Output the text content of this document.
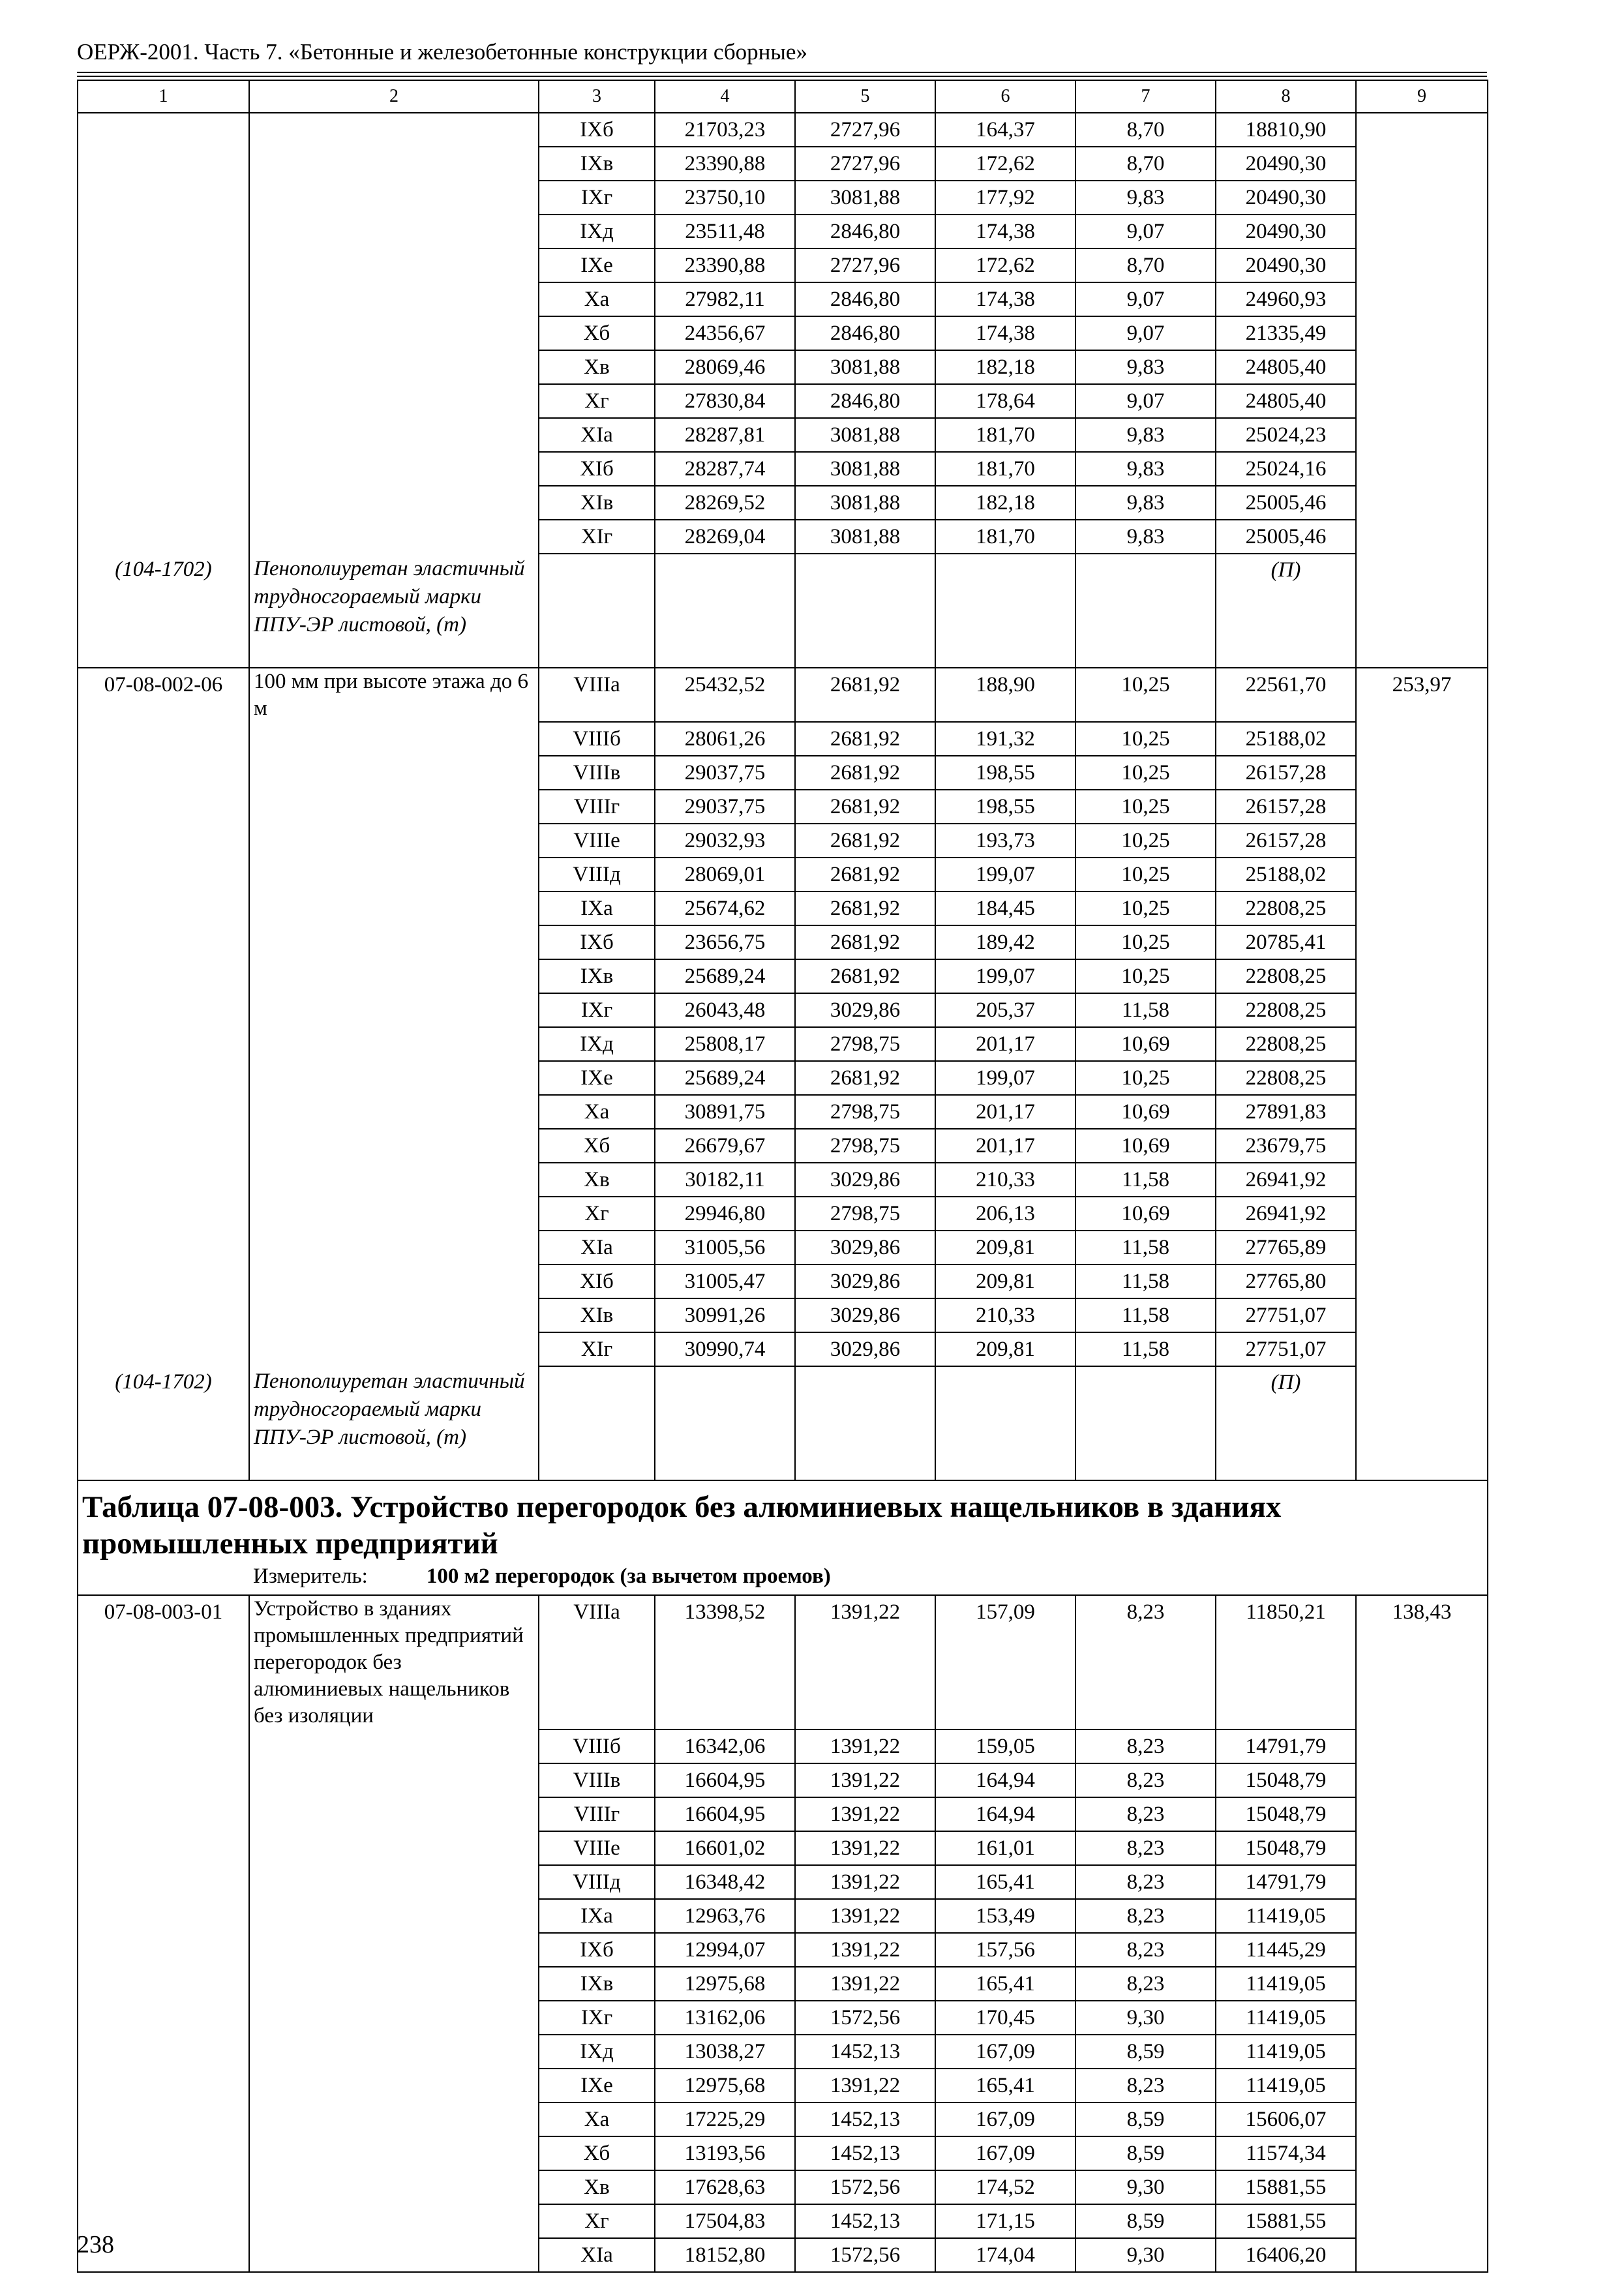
ОЕРЖ-2001. Часть 7. «Бетонные и железобетонные конструкции сборные»
1	2	3	4	5	6	7	8	9
		IXб	21703,23	2727,96	164,37	8,70	18810,90	
		IXв	23390,88	2727,96	172,62	8,70	20490,30	
		IXг	23750,10	3081,88	177,92	9,83	20490,30	
		IXд	23511,48	2846,80	174,38	9,07	20490,30	
		IXе	23390,88	2727,96	172,62	8,70	20490,30	
		Xа	27982,11	2846,80	174,38	9,07	24960,93	
		Xб	24356,67	2846,80	174,38	9,07	21335,49	
		Xв	28069,46	3081,88	182,18	9,83	24805,40	
		Xг	27830,84	2846,80	178,64	9,07	24805,40	
		XIа	28287,81	3081,88	181,70	9,83	25024,23	
		XIб	28287,74	3081,88	181,70	9,83	25024,16	
		XIв	28269,52	3081,88	182,18	9,83	25005,46	
		XIг	28269,04	3081,88	181,70	9,83	25005,46	
(104-1702)	Пенополиуретан эластичный трудносгораемый марки ППУ-ЭР листовой, (т)						(П)	
07-08-002-06	100 мм при высоте этажа до 6 м	VIIIа	25432,52	2681,92	188,90	10,25	22561,70	253,97
		VIIIб	28061,26	2681,92	191,32	10,25	25188,02	
		VIIIв	29037,75	2681,92	198,55	10,25	26157,28	
		VIIIг	29037,75	2681,92	198,55	10,25	26157,28	
		VIIIе	29032,93	2681,92	193,73	10,25	26157,28	
		VIIIд	28069,01	2681,92	199,07	10,25	25188,02	
		IXа	25674,62	2681,92	184,45	10,25	22808,25	
		IXб	23656,75	2681,92	189,42	10,25	20785,41	
		IXв	25689,24	2681,92	199,07	10,25	22808,25	
		IXг	26043,48	3029,86	205,37	11,58	22808,25	
		IXд	25808,17	2798,75	201,17	10,69	22808,25	
		IXе	25689,24	2681,92	199,07	10,25	22808,25	
		Xа	30891,75	2798,75	201,17	10,69	27891,83	
		Xб	26679,67	2798,75	201,17	10,69	23679,75	
		Xв	30182,11	3029,86	210,33	11,58	26941,92	
		Xг	29946,80	2798,75	206,13	10,69	26941,92	
		XIа	31005,56	3029,86	209,81	11,58	27765,89	
		XIб	31005,47	3029,86	209,81	11,58	27765,80	
		XIв	30991,26	3029,86	210,33	11,58	27751,07	
		XIг	30990,74	3029,86	209,81	11,58	27751,07	
(104-1702)	Пенополиуретан эластичный трудносгораемый марки ППУ-ЭР листовой, (т)						(П)	
Таблица 07-08-003. Устройство перегородок без алюминиевых нащельников в зданиях промышленных предприятий								
Измеритель: 100 м2 перегородок (за вычетом проемов)								
07-08-003-01	Устройство в зданиях промышленных предприятий перегородок без алюминиевых нащельников без изоляции	VIIIа	13398,52	1391,22	157,09	8,23	11850,21	138,43
		VIIIб	16342,06	1391,22	159,05	8,23	14791,79	
		VIIIв	16604,95	1391,22	164,94	8,23	15048,79	
		VIIIг	16604,95	1391,22	164,94	8,23	15048,79	
		VIIIе	16601,02	1391,22	161,01	8,23	15048,79	
		VIIIд	16348,42	1391,22	165,41	8,23	14791,79	
		IXа	12963,76	1391,22	153,49	8,23	11419,05	
		IXб	12994,07	1391,22	157,56	8,23	11445,29	
		IXв	12975,68	1391,22	165,41	8,23	11419,05	
		IXг	13162,06	1572,56	170,45	9,30	11419,05	
		IXд	13038,27	1452,13	167,09	8,59	11419,05	
		IXе	12975,68	1391,22	165,41	8,23	11419,05	
		Xа	17225,29	1452,13	167,09	8,59	15606,07	
		Xб	13193,56	1452,13	167,09	8,59	11574,34	
		Xв	17628,63	1572,56	174,52	9,30	15881,55	
		Xг	17504,83	1452,13	171,15	8,59	15881,55	
		XIа	18152,80	1572,56	174,04	9,30	16406,20	
238
